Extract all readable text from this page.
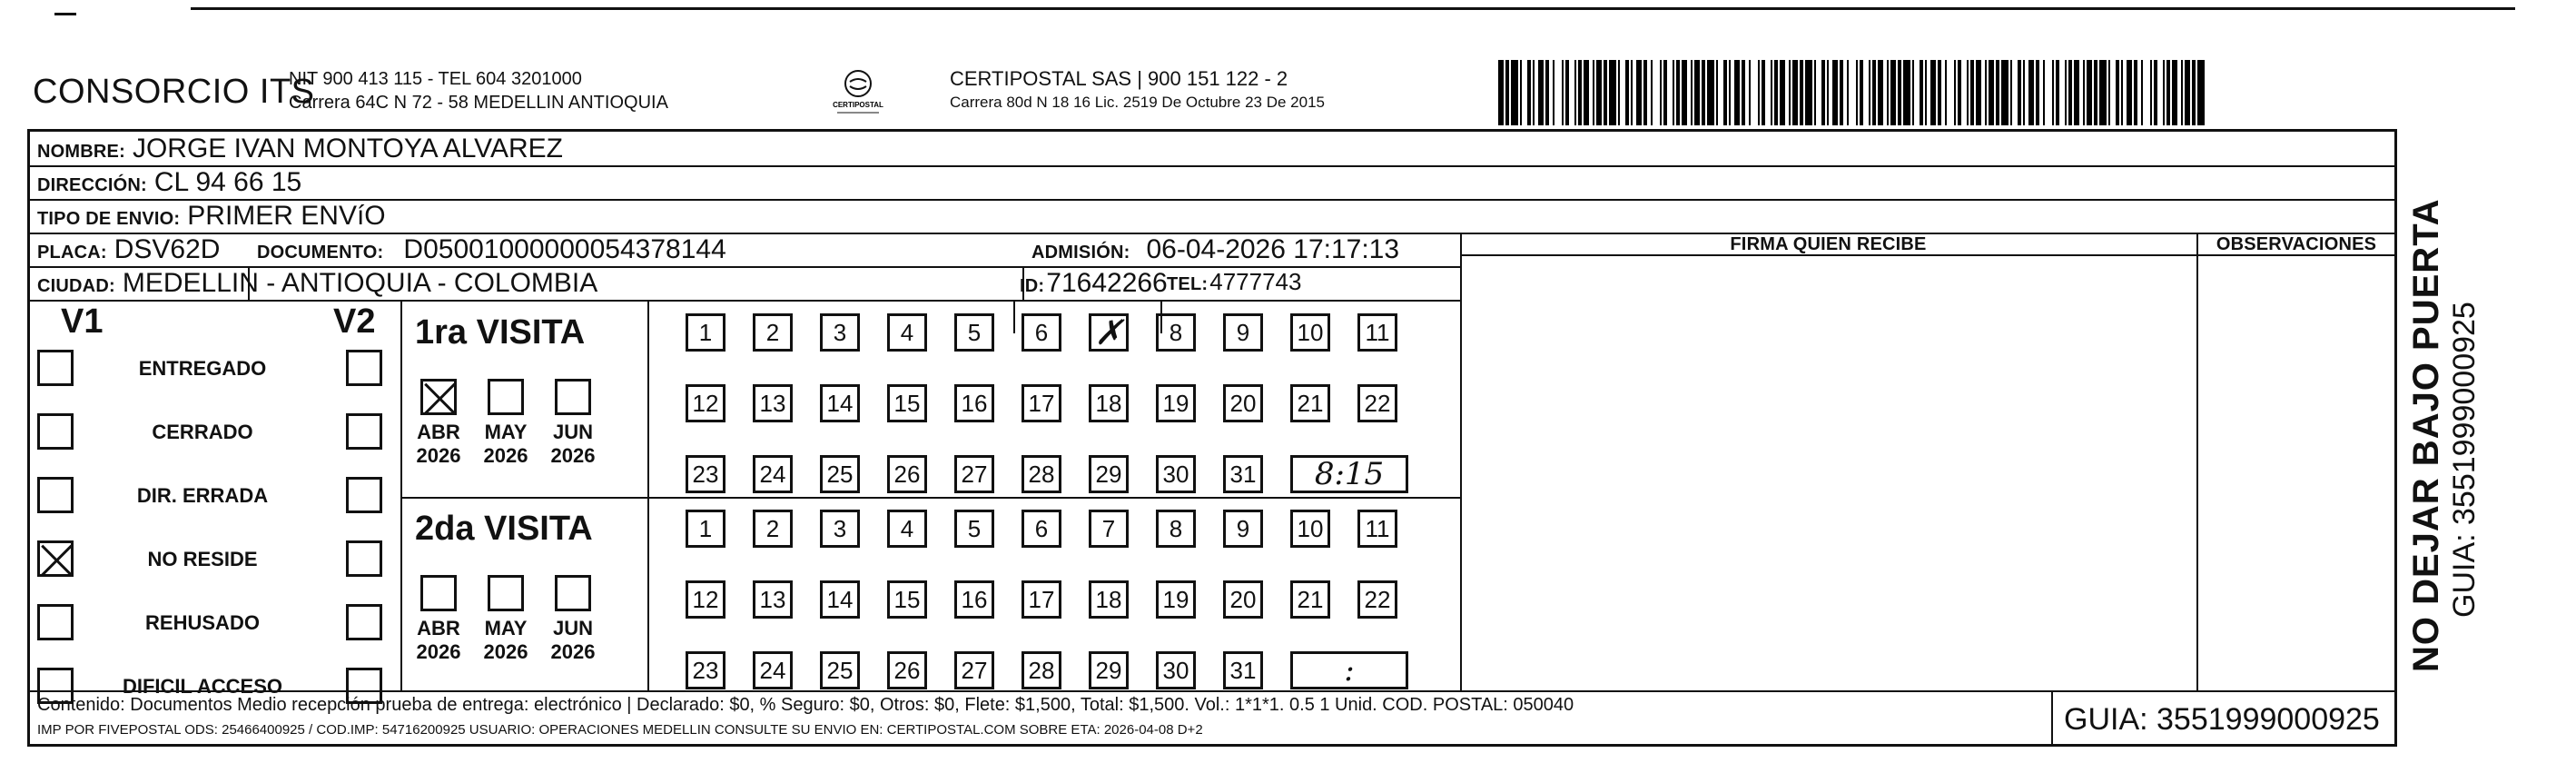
CONSORCIO ITS
NIT 900 413 115 - TEL 604 3201000
Carrera 64C N 72 - 58 MEDELLIN ANTIOQUIA	CERTIPOSTAL
CERTIPOSTAL SAS | 900 151 122 - 2
Carrera 80d N 18 16 Lic. 2519 De Octubre 23 De 2015
NOMBRE: JORGE IVAN MONTOYA ALVAREZ
DIRECCIÓN: CL 94 66 15
TIPO DE ENVIO: PRIMER ENVíO
FIRMA QUIEN RECIBE	OBSERVACIONES
PLACA: DSV62D DOCUMENTO: D05001000000054378144	ADMISIÓN: 06-04-2026 17:17:13
CIUDAD: MEDELLIN - ANTIOQUIA - COLOMBIA	ID: 71642266 TEL: 4777743
V1	V2
ENTREGADO
CERRADO
DIR. ERRADA
NO RESIDE
REHUSADO
DIFICIL ACCESO
1ra VISITA
ABR
2026
MAY
2026
JUN
2026
1	2	3	4	5	6	✗	8	9	10	11
12 13 14 15 16 17 18 19 20 21 22
23 24 25 26 27 28 29 30 31	8:15
2da VISITA
ABR
2026
MAY
2026
JUN
2026
1	2	3	4	5	6	7	8	9	10	11
12 13 14 15 16 17 18 19 20 21 22
23 24 25 26 27 28 29 30 31	:
Contenido: Documentos Medio recepción prueba de entrega: electrónico | Declarado: $0, % Seguro: $0, Otros: $0, Flete: $1,500, Total: $1,500. Vol.: 1*1*1. 0.5 1 Unid. COD. POSTAL: 050040
IMP POR FIVEPOSTAL ODS: 25466400925 / COD.IMP: 54716200925 USUARIO: OPERACIONES MEDELLIN CONSULTE SU ENVIO EN: CERTIPOSTAL.COM SOBRE ETA: 2026-04-08 D+2	GUIA: 3551999000925
NO DEJAR BAJO PUERTA GUIA: 3551999000925
